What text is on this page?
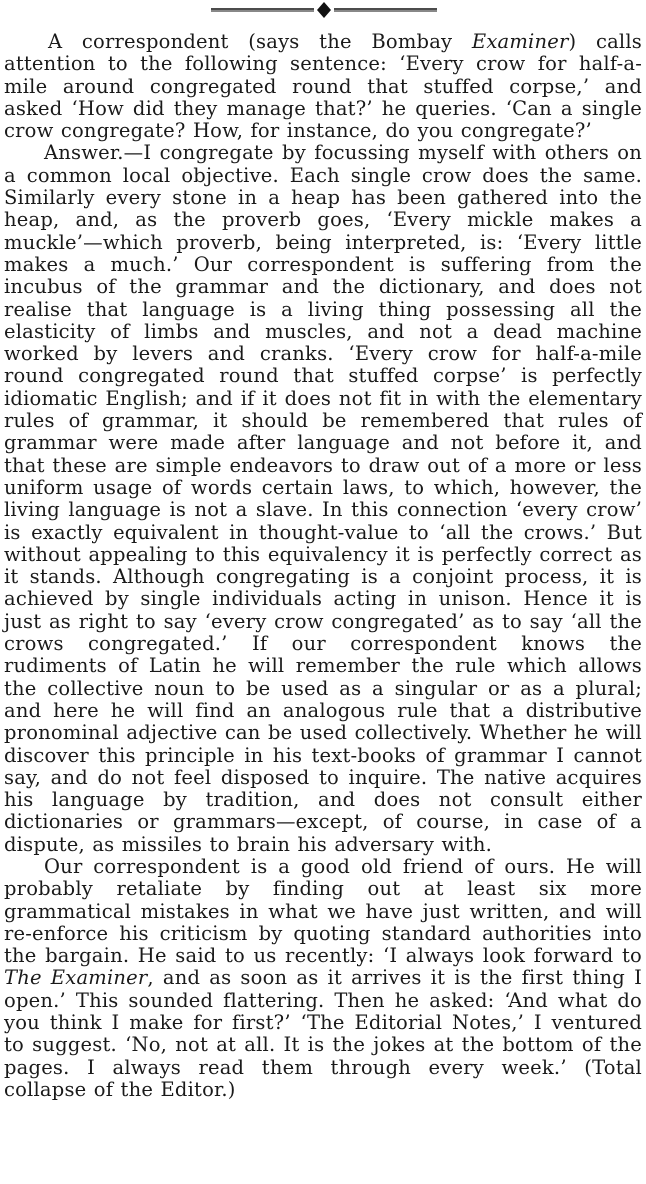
A correspondent (says the Bombay Examiner) calls attention to the following sentence: ‘Every crow for half-a-mile around congregated round that stuffed corpse,’ and asked ‘How did they manage that?’ he queries. ‘Can a single crow congregate? How, for instance, do you congregate?’

Answer.—I congregate by focussing myself with others on a common local objective. Each single crow does the same. Similarly every stone in a heap has been gathered into the heap, and, as the proverb goes, ‘Every mickle makes a muckle’—which proverb, being interpreted, is: ‘Every little makes a much.’ Our correspondent is suffering from the incubus of the grammar and the dictionary, and does not realise that language is a living thing possessing all the elasticity of limbs and muscles, and not a dead machine worked by levers and cranks. ‘Every crow for half-a-mile round congregated round that stuffed corpse’ is perfectly idiomatic English; and if it does not fit in with the elementary rules of grammar, it should be remembered that rules of grammar were made after language and not before it, and that these are simple endeavors to draw out of a more or less uniform usage of words certain laws, to which, however, the living language is not a slave. In this connection ‘every crow’ is exactly equivalent in thought-value to ‘all the crows.’ But without appealing to this equivalency it is perfectly correct as it stands. Although congregating is a conjoint process, it is achieved by single individuals acting in unison. Hence it is just as right to say ‘every crow congregated’ as to say ‘all the crows congregated.’ If our correspondent knows the rudiments of Latin he will remember the rule which allows the collective noun to be used as a singular or as a plural; and here he will find an analogous rule that a distributive pronominal adjective can be used collectively. Whether he will discover this principle in his text-books of grammar I cannot say, and do not feel disposed to inquire. The native acquires his language by tradition, and does not consult either dictionaries or grammars—except, of course, in case of a dispute, as missiles to brain his adversary with.

Our correspondent is a good old friend of ours. He will probably retaliate by finding out at least six more grammatical mistakes in what we have just written, and will re-enforce his criticism by quoting standard authorities into the bargain. He said to us recently: ‘I always look forward to The Examiner, and as soon as it arrives it is the first thing I open.’ This sounded flattering. Then he asked: ‘And what do you think I make for first?’ ‘The Editorial Notes,’ I ventured to suggest. ‘No, not at all. It is the jokes at the bottom of the pages. I always read them through every week.’ (Total collapse of the Editor.)
